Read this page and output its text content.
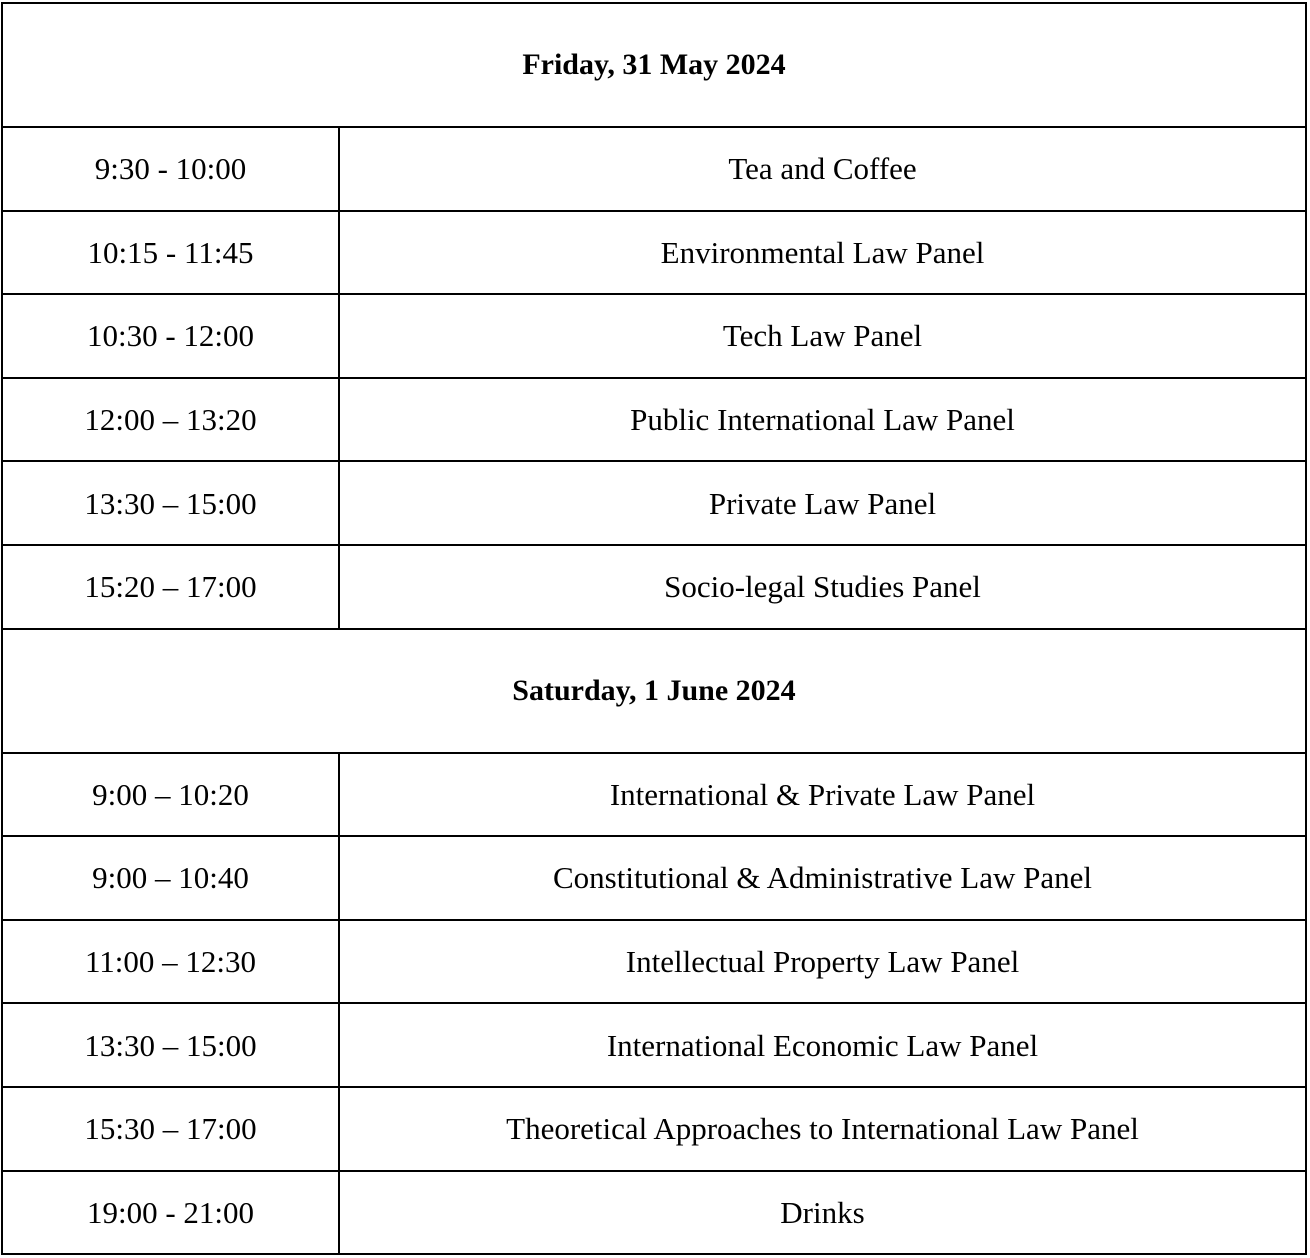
Friday, 31 May 2024	
9:30 - 10:00	Tea and Coffee
10:15 - 11:45	Environmental Law Panel
10:30 - 12:00	Tech Law Panel
12:00 – 13:20	Public International Law Panel
13:30 – 15:00	Private Law Panel
15:20 – 17:00	Socio-legal Studies Panel
Saturday, 1 June 2024	
9:00 – 10:20	International & Private Law Panel
9:00 – 10:40	Constitutional & Administrative Law Panel
11:00 – 12:30	Intellectual Property Law Panel
13:30 – 15:00	International Economic Law Panel
15:30 – 17:00	Theoretical Approaches to International Law Panel
19:00 - 21:00	Drinks
